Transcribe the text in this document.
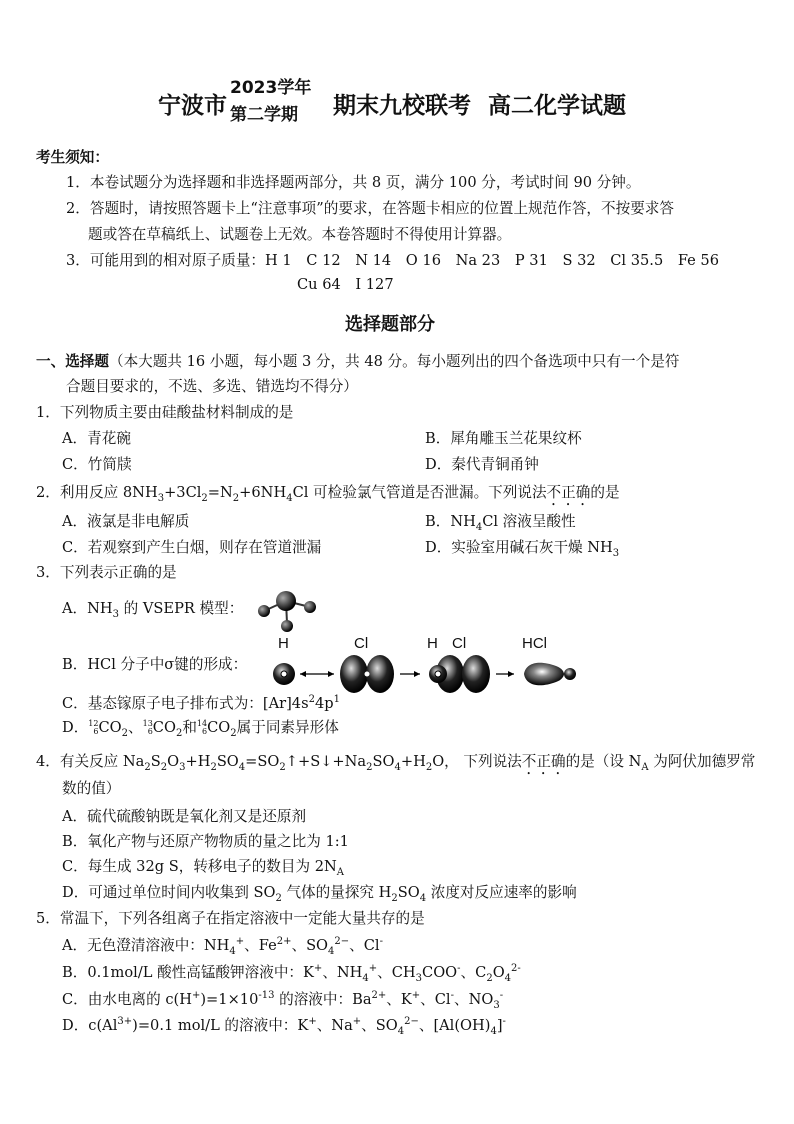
宁波市
2023学年
第二学期 期末九校联考 高二化学试题
考生须知：
1．本卷试题分为选择题和非选择题两部分，共 8 页，满分 100 分，考试时间 90 分钟。
2．答题时，请按照答题卡上“注意事项”的要求，在答题卡相应的位置上规范作答，不按要求答
题或答在草稿纸上、试题卷上无效。本卷答题时不得使用计算器。
3．可能用到的相对原子质量：H 1　C 12　N 14　O 16　Na 23　P 31　S 32　Cl 35.5　Fe 56
Cu 64　I 127
选择题部分
一、选择题（本大题共 16 小题，每小题 3 分，共 48 分。每小题列出的四个备选项中只有一个是符
合题目要求的，不选、多选、错选均不得分）
1．下列物质主要由硅酸盐材料制成的是
A．青花碗	B．犀角雕玉兰花果纹杯
C．竹简牍	D．秦代青铜甬钟
2．利用反应 $8NH_3+3Cl_2=N_2+6NH_4Cl$ 可检验氯气管道是否泄漏。下列说法不正确的是
A．液氯是非电解质	B．$NH_4Cl$ 溶液呈酸性
C．若观察到产生白烟，则存在管道泄漏	D．实验室用碱石灰干燥 $NH_3$
3．下列表示正确的是
A．$NH_3$ 的 VSEPR 模型：
H	Cl	H Cl	HCl
B．HCl 分子中σ键的形成：
C．基态镓原子电子排布式为：$[Ar]4s^24p^1$
D．12
$6CO_2$、13
$6CO_2$和14
$6CO_2$属于同素异形体
4．有关反应 $Na_2S_2O_3+H_2SO_4=SO_2↑+S↓+Na_2SO_4+H_2O$， 下列说法不正确的是（设 $N_A$ 为阿伏加德罗常
数的值）
A．硫代硫酸钠既是氧化剂又是还原剂
B．氧化产物与还原产物物质的量之比为 1:1
C．每生成 32g S，转移电子的数目为 $2N_A$
D．可通过单位时间内收集到 $SO_2$ 气体的量探究 $H_2SO_4$ 浓度对反应速率的影响
5．常温下，下列各组离子在指定溶液中一定能大量共存的是
A．无色澄清溶液中：$NH_4^+$、$Fe^{2+}$、$SO_4^{2-}$、Cl-
B．0.1mol/L 酸性高锰酸钾溶液中：K+、$NH_4^+$、$CH_3COO^-$、$C_2O_4^{2-}$
C．由水电离的 $c(H^+)=1\times 10^{-13}$ 的溶液中：$Ba^{2+}$、K+、Cl-、$NO_3^-$
D．$c(Al^{3+})=0.1$ mol/L 的溶液中：K+、Na+、$SO_4^{2-}$、$[Al(OH)_4]^-$
